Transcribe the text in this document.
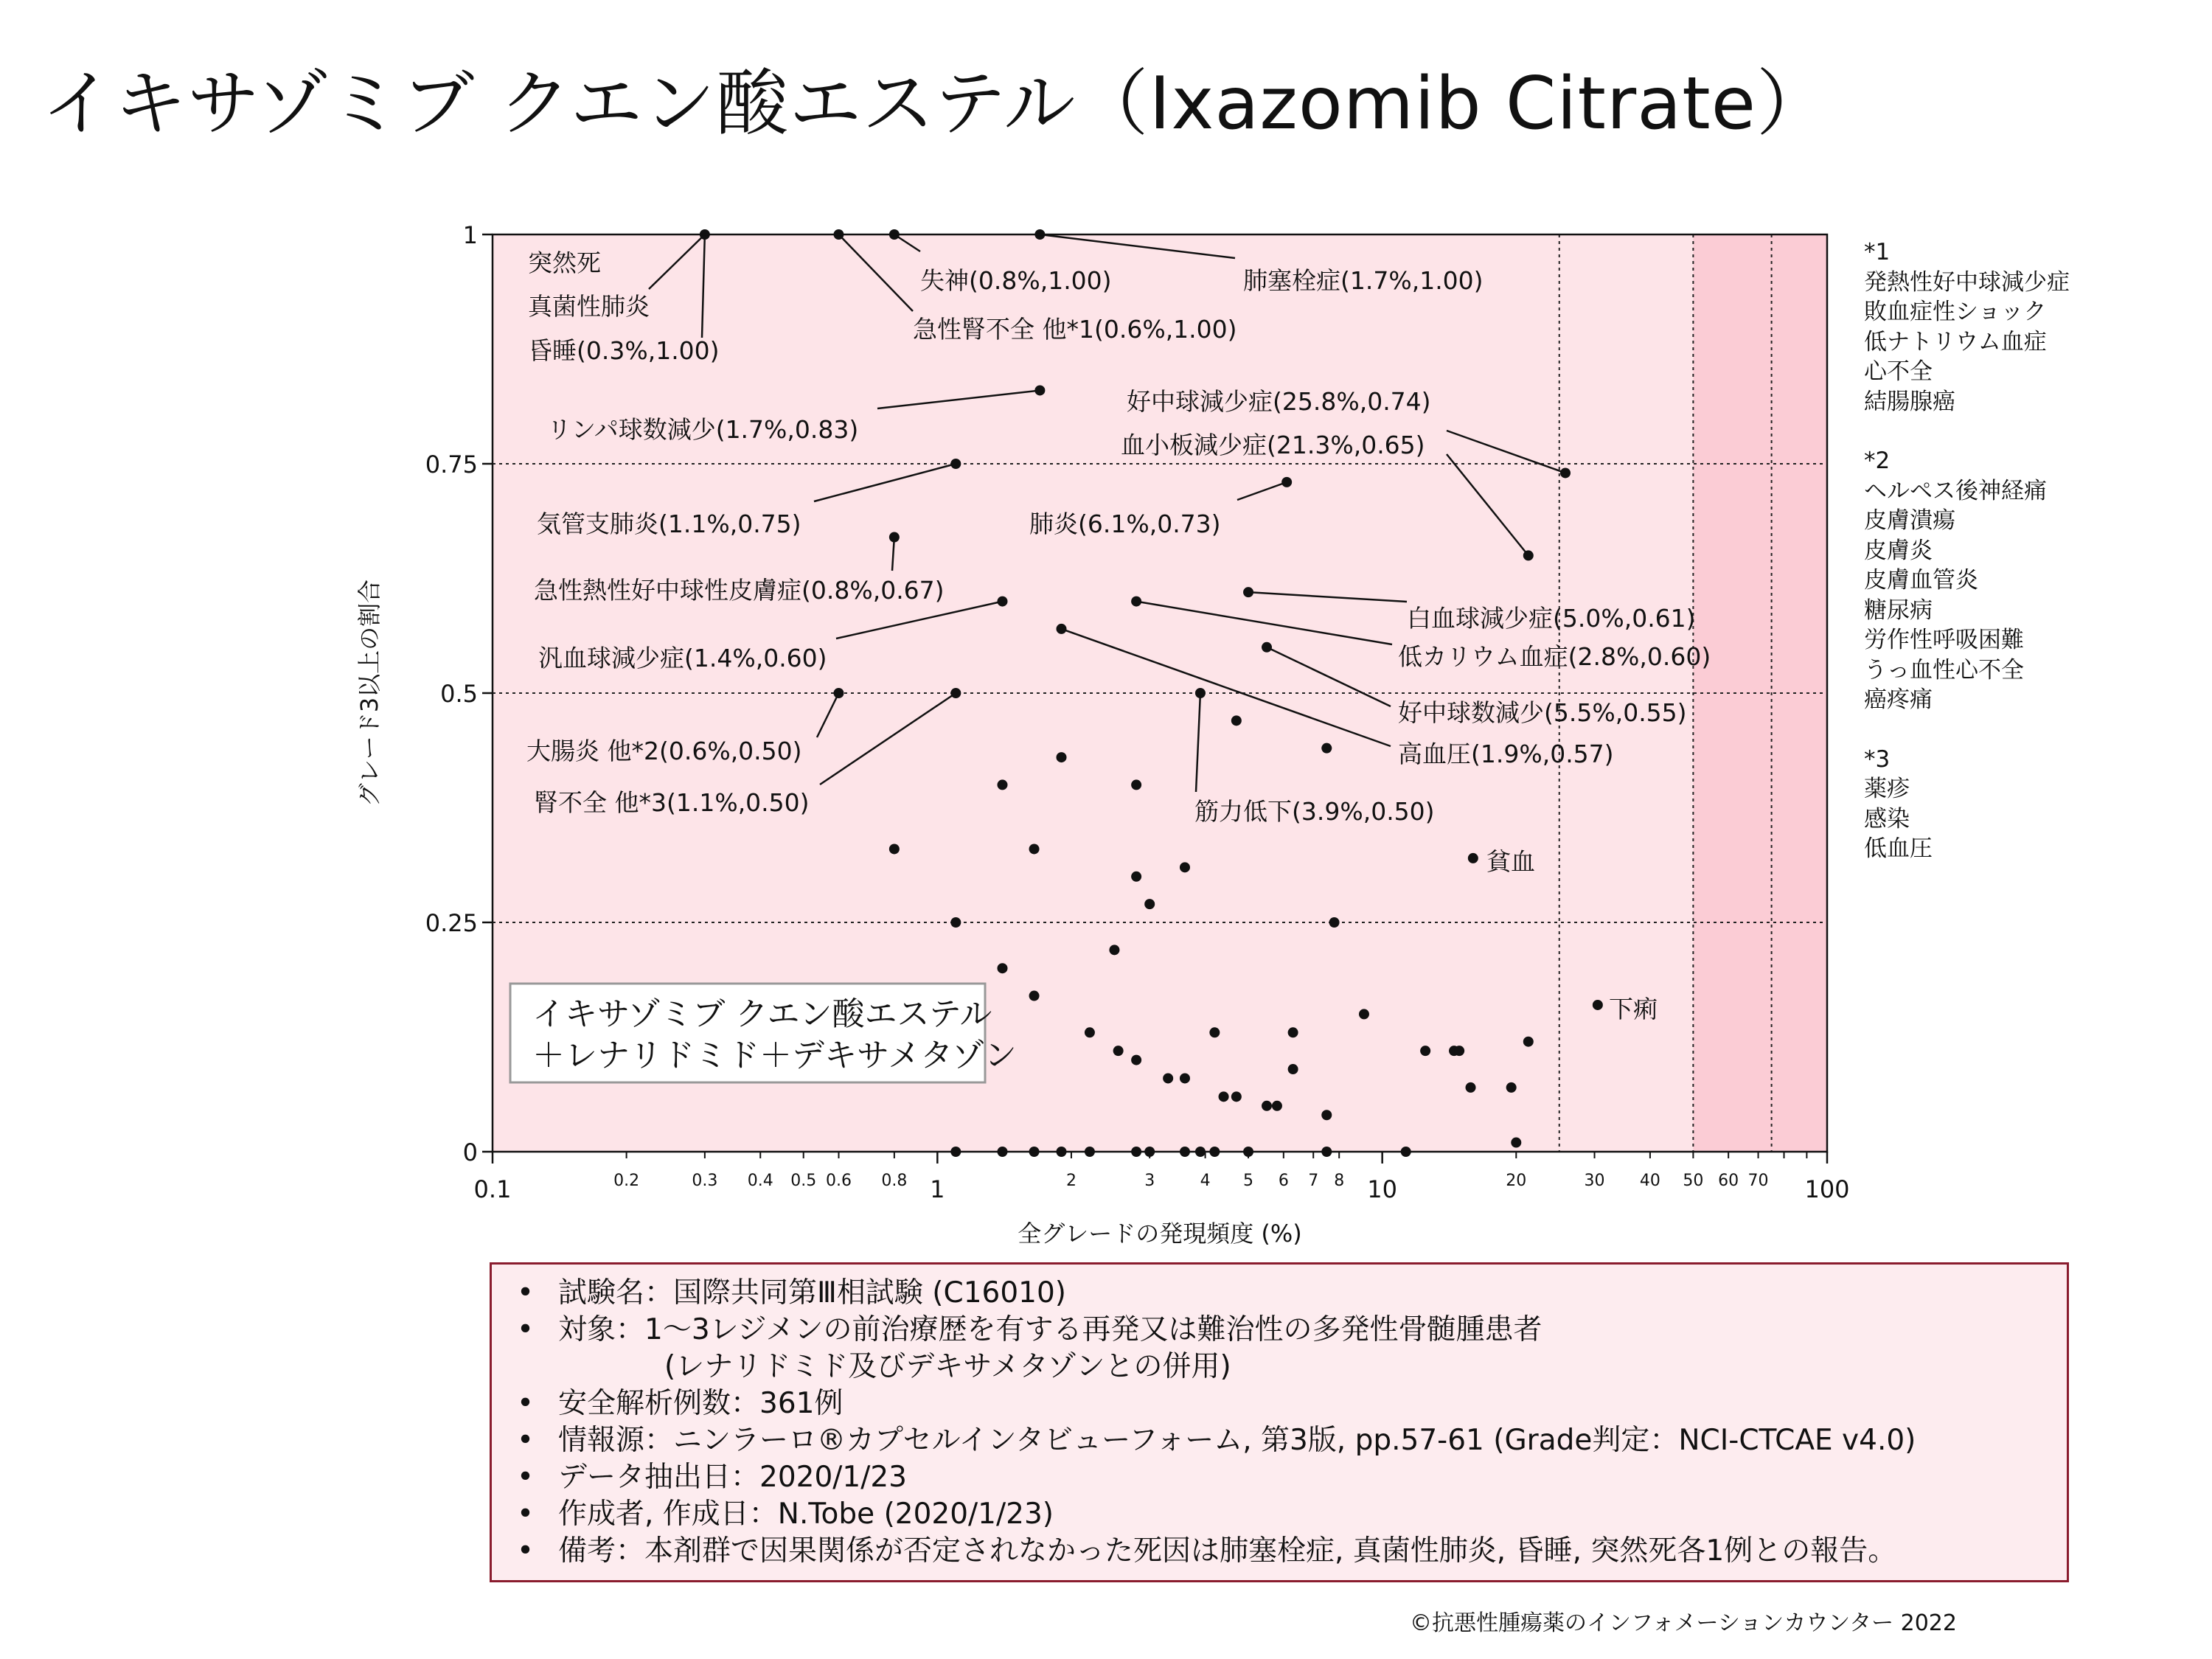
イキサゾミブ クエン酸エステル（Ixazomib Citrate）
突然死
真菌性肺炎
昏睡(0.3%,1.00)
失神(0.8%,1.00)
急性腎不全 他*1(0.6%,1.00)
肺塞栓症(1.7%,1.00)
リンパ球数減少(1.7%,0.83)
好中球減少症(25.8%,0.74)
血小板減少症(21.3%,0.65)
気管支肺炎(1.1%,0.75)	肺炎(6.1%,0.73)
急性熱性好中球性皮膚症(0.8%,0.67)
白血球減少症(5.0%,0.61)
汎血球減少症(1.4%,0.60)	低カリウム血症(2.8%,0.60)
好中球数減少(5.5%,0.55)
高血圧(1.9%,0.57)
大腸炎 他*2(0.6%,0.50)
腎不全 他*3(1.1%,0.50)	筋力低下(3.9%,0.50)
貧血
下痢
0
0.25
0.5
0.75
1
0.1	1	10	100
0.2	0.3 0.4 0.5 0.6 0.8	2	3	4 5 6 7 8	20	30 40 50 60 70
全グレードの発現頻度 (%)
グレード3以上の割合
イキサゾミブ クエン酸エステル
＋レナリドミド＋デキサメタゾン
*1
発熱性好中球減少症
敗血症性ショック
低ナトリウム血症
心不全
結腸腺癌
*2
ヘルペス後神経痛
皮膚潰瘍
皮膚炎
皮膚血管炎
糖尿病
労作性呼吸困難
うっ血性心不全
癌疼痛
*3
薬疹
感染
低血圧
• 試験名：国際共同第Ⅲ相試験 (C16010)
• 対象：1～3レジメンの前治療歴を有する再発又は難治性の多発性骨髄腫患者
(レナリドミド及びデキサメタゾンとの併用)
• 安全解析例数：361例
• 情報源：ニンラーロ®カプセルインタビューフォーム, 第3版, pp.57-61 (Grade判定：NCI-CTCAE v4.0)
• データ抽出日：2020/1/23
• 作成者, 作成日：N.Tobe (2020/1/23)
• 備考：本剤群で因果関係が否定されなかった死因は肺塞栓症, 真菌性肺炎, 昏睡, 突然死各1例との報告。
©抗悪性腫瘍薬のインフォメーションカウンター 2022
